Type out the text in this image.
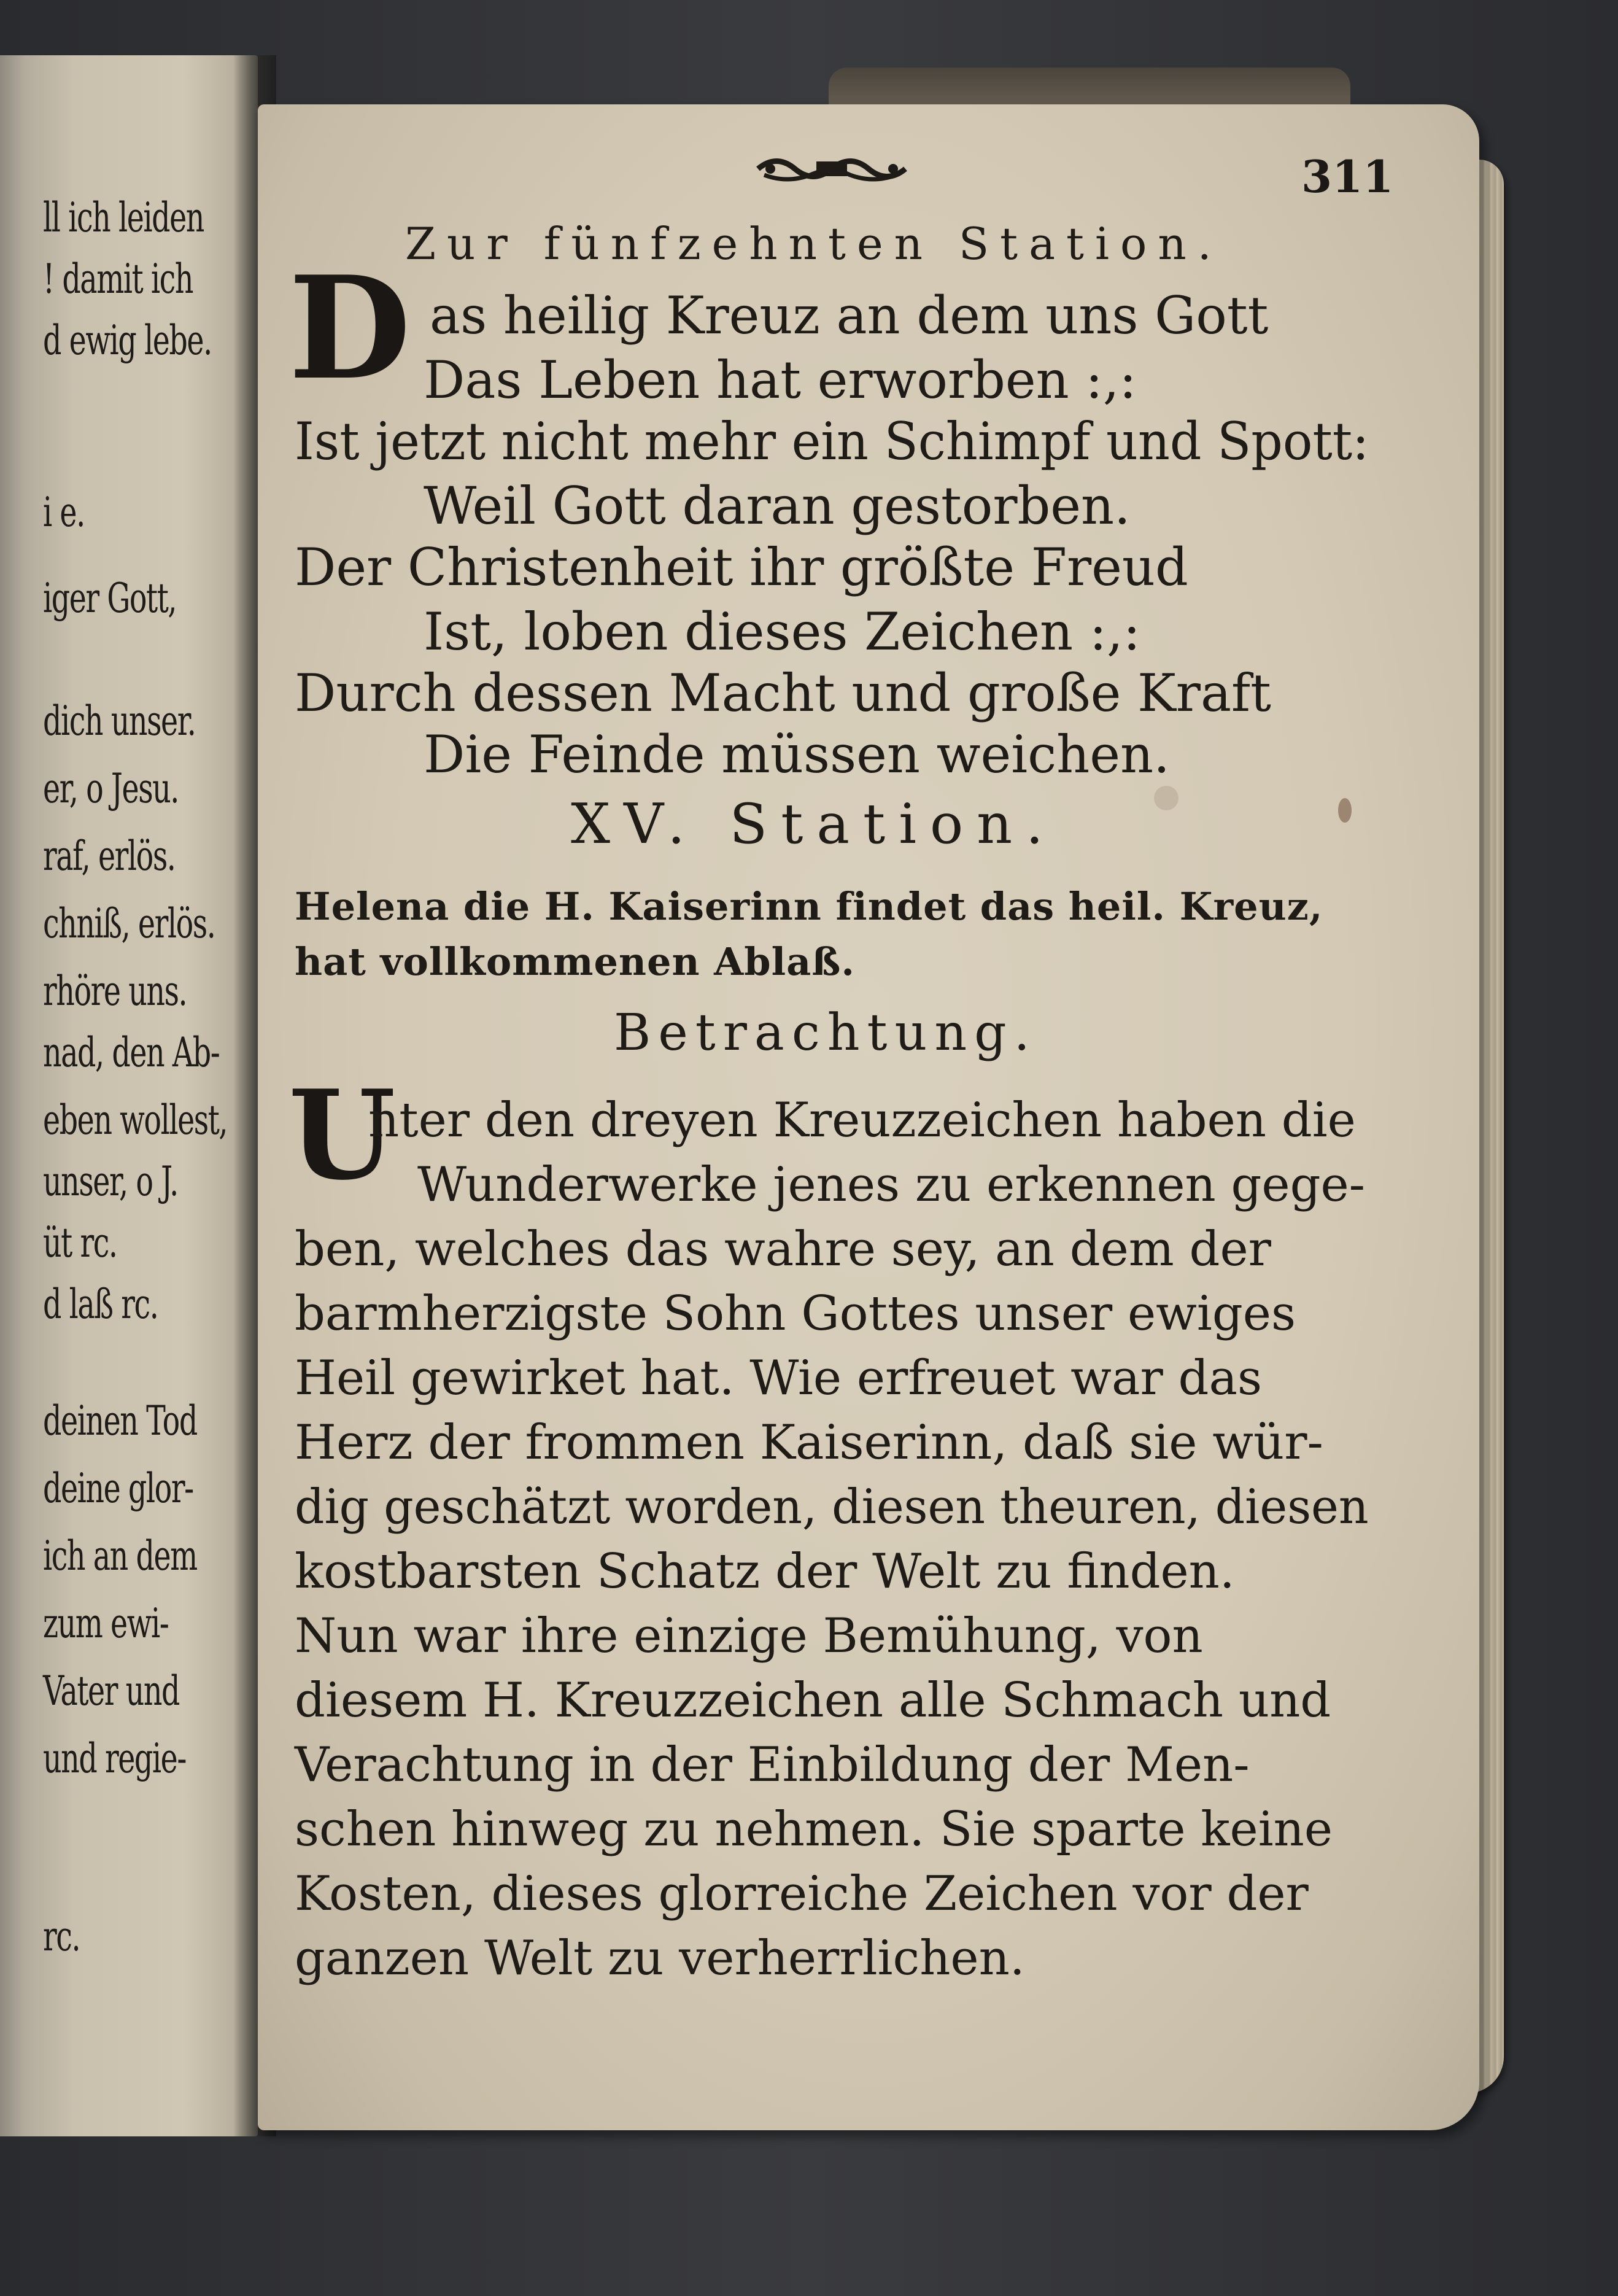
ll ich leiden
! damit ich
d ewig lebe.
i e.
iger Gott,
dich unser.
er, o Jesu.
raf, erlös.
chniß, erlös.
rhöre uns.
nad, den Ab-
eben wollest,
unser, o J.
üt rc.
d laß rc.
deinen Tod
deine glor-
ich an dem
zum ewi-
Vater und
und regie-
rc.
311
Zur fünfzehnten Station.
D as heilig Kreuz an dem uns Gott
Das Leben hat erworben :,:
Ist jetzt nicht mehr ein Schimpf und Spott:
Weil Gott daran gestorben.
Der Christenheit ihr größte Freud
Ist, loben dieses Zeichen :,:
Durch dessen Macht und große Kraft
Die Feinde müssen weichen.
XV. Station.
Helena die H. Kaiserinn findet das heil. Kreuz,
hat vollkommenen Ablaß.
Betrachtung.
U
nter den dreyen Kreuzzeichen haben die
Wunderwerke jenes zu erkennen gege-
ben, welches das wahre sey, an dem der
barmherzigste Sohn Gottes unser ewiges
Heil gewirket hat. Wie erfreuet war das
Herz der frommen Kaiserinn, daß sie wür-
dig geschätzt worden, diesen theuren, diesen
kostbarsten Schatz der Welt zu finden.
Nun war ihre einzige Bemühung, von
diesem H. Kreuzzeichen alle Schmach und
Verachtung in der Einbildung der Men-
schen hinweg zu nehmen. Sie sparte keine
Kosten, dieses glorreiche Zeichen vor der
ganzen Welt zu verherrlichen.
